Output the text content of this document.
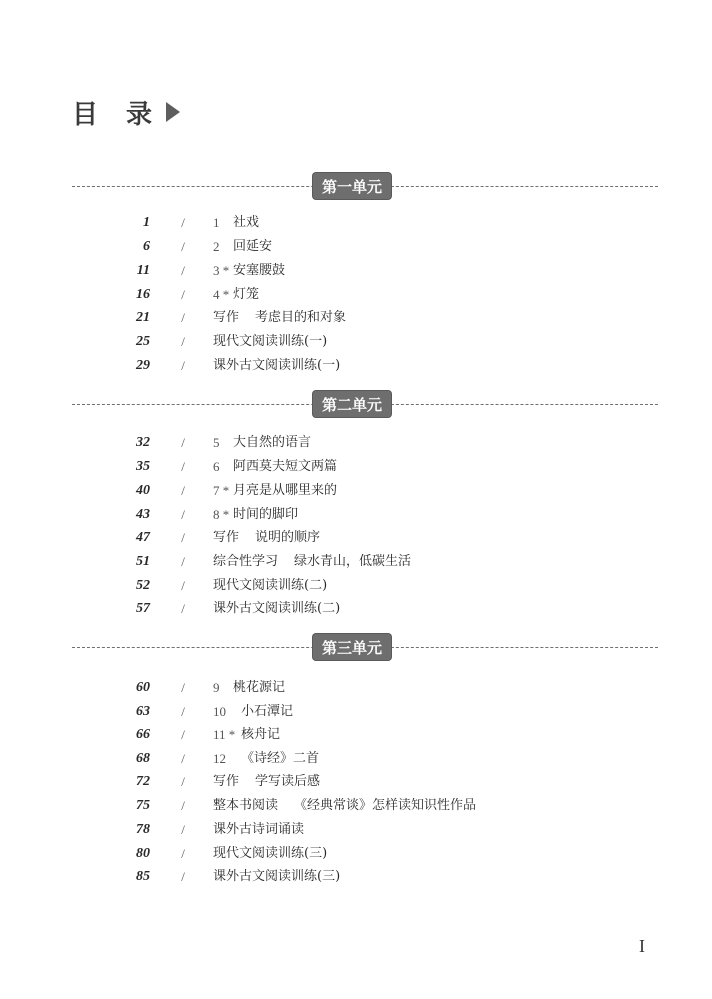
目 录
第一单元
1 / 1 社戏
6 / 2 回延安
11 / 3 * 安塞腰鼓
16 / 4 * 灯笼
21 / 写作 考虑目的和对象
25 / 现代文阅读训练(一)
29 / 课外古文阅读训练(一)
第二单元
32 / 5 大自然的语言
35 / 6 阿西莫夫短文两篇
40 / 7 * 月亮是从哪里来的
43 / 8 * 时间的脚印
47 / 写作 说明的顺序
51 / 综合性学习 绿水青山，低碳生活
52 / 现代文阅读训练(二)
57 / 课外古文阅读训练(二)
第三单元
60 / 9 桃花源记
63 / 10 小石潭记
66 / 11 * 核舟记
68 / 12 《诗经》二首
72 / 写作 学写读后感
75 / 整本书阅读 《经典常谈》怎样读知识性作品
78 / 课外古诗词诵读
80 / 现代文阅读训练(三)
85 / 课外古文阅读训练(三)
I
